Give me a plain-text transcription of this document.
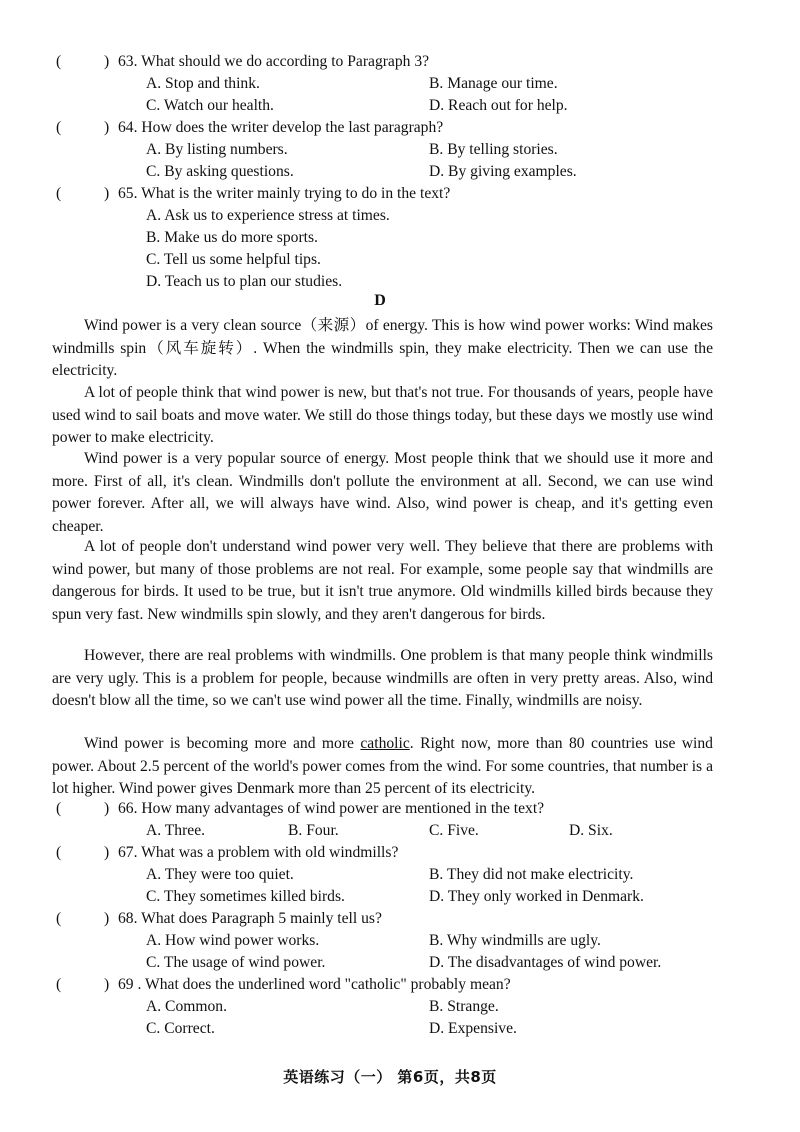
(	) 63. What should we do according to Paragraph 3?
A. Stop and think.	B. Manage our time.
C. Watch our health.	D. Reach out for help.
(	) 64. How does the writer develop the last paragraph?
A. By listing numbers.	B. By telling stories.
C. By asking questions.	D. By giving examples.
(	) 65. What is the writer mainly trying to do in the text?
A. Ask us to experience stress at times.
B. Make us do more sports.
C. Tell us some helpful tips.
D. Teach us to plan our studies.
D
Wind power is a very clean source（来源）of energy. This is how wind power works: Wind makes windmills spin（风车旋转）. When the windmills spin, they make electricity. Then we can use the electricity.
A lot of people think that wind power is new, but that's not true. For thousands of years, people have used wind to sail boats and move water. We still do those things today, but these days we mostly use wind power to make electricity.
Wind power is a very popular source of energy. Most people think that we should use it more and more. First of all, it's clean. Windmills don't pollute the environment at all. Second, we can use wind power forever. After all, we will always have wind. Also, wind power is cheap, and it's getting even cheaper.
A lot of people don't understand wind power very well. They believe that there are problems with wind power, but many of those problems are not real. For example, some people say that windmills are dangerous for birds. It used to be true, but it isn't true anymore. Old windmills killed birds because they spun very fast. New windmills spin slowly, and they aren't dangerous for birds.
However, there are real problems with windmills. One problem is that many people think windmills are very ugly. This is a problem for people, because windmills are often in very pretty areas. Also, wind doesn't blow all the time, so we can't use wind power all the time. Finally, windmills are noisy.
Wind power is becoming more and more catholic. Right now, more than 80 countries use wind power. About 2.5 percent of the world's power comes from the wind. For some countries, that number is a lot higher. Wind power gives Denmark more than 25 percent of its electricity.
(	) 66. How many advantages of wind power are mentioned in the text?
A. Three.	B. Four.	C. Five.	D. Six.
(	) 67. What was a problem with old windmills?
A. They were too quiet.	B. They did not make electricity.
C. They sometimes killed birds.	D. They only worked in Denmark.
(	) 68. What does Paragraph 5 mainly tell us?
A. How wind power works.	B. Why windmills are ugly.
C. The usage of wind power.	D. The disadvantages of wind power.
(	) 69 . What does the underlined word "catholic" probably mean?
A. Common.	B. Strange.
C. Correct.	D. Expensive.
英语练习（一） 第6页，共8页
